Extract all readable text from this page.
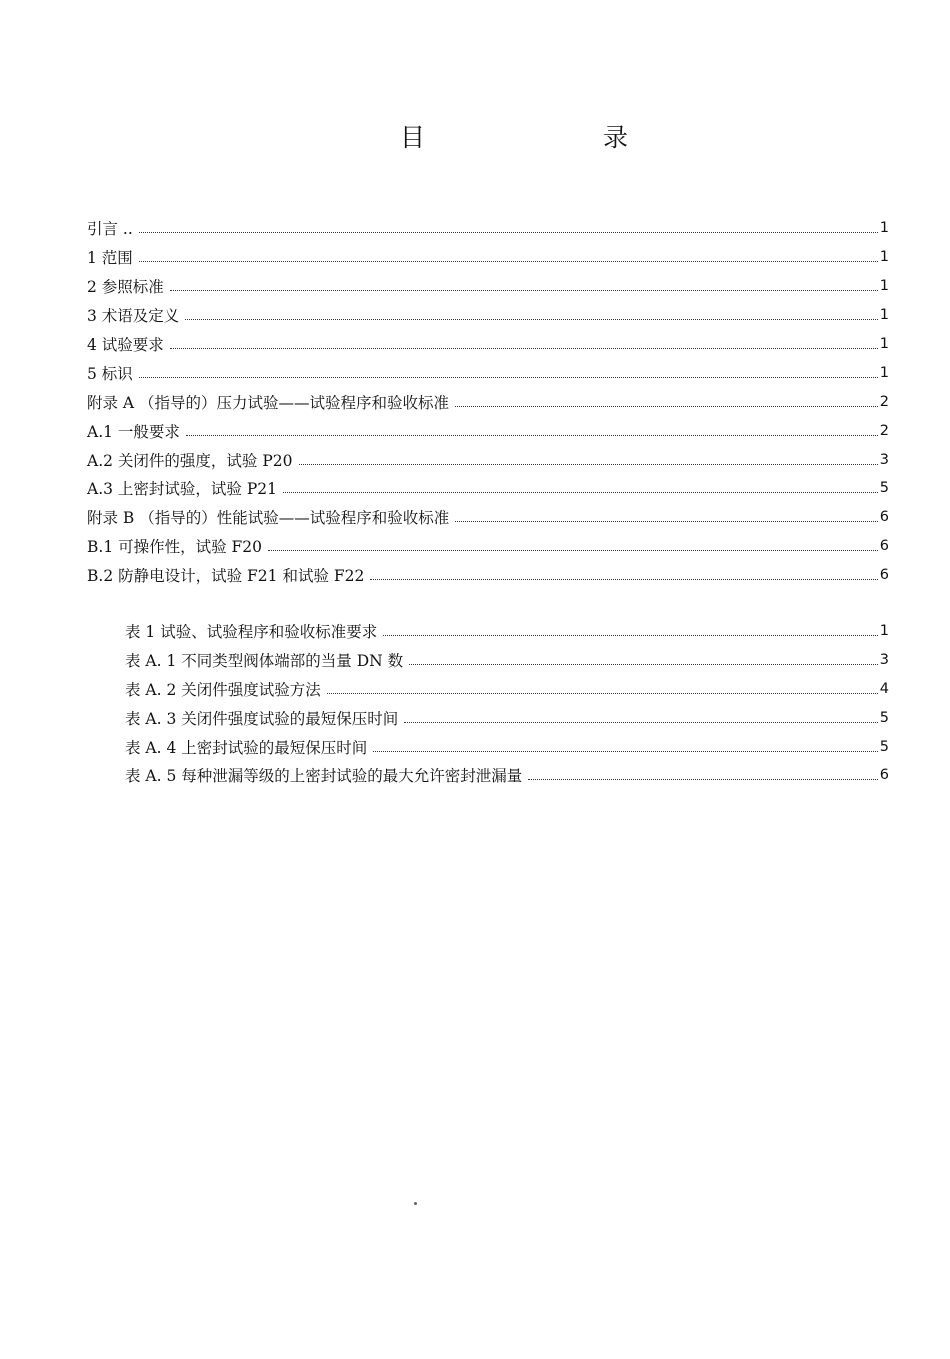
目	录
引言 ..	1
1 范围	1
2 参照标准	1
3 术语及定义	1
4 试验要求	1
5 标识	1
附录 A （指导的）压力试验——试验程序和验收标准	2
A.1 一般要求	2
A.2 关闭件的强度，试验 P20	3
A.3 上密封试验，试验 P21	5
附录 B （指导的）性能试验——试验程序和验收标准	6
B.1 可操作性，试验 F20	6
B.2 防静电设计，试验 F21 和试验 F22	6
表 1 试验、试验程序和验收标准要求	1
表 A. 1 不同类型阀体端部的当量 DN 数	3
表 A. 2 关闭件强度试验方法	4
表 A. 3 关闭件强度试验的最短保压时间	5
表 A. 4 上密封试验的最短保压时间	5
表 A. 5 每种泄漏等级的上密封试验的最大允许密封泄漏量	6
